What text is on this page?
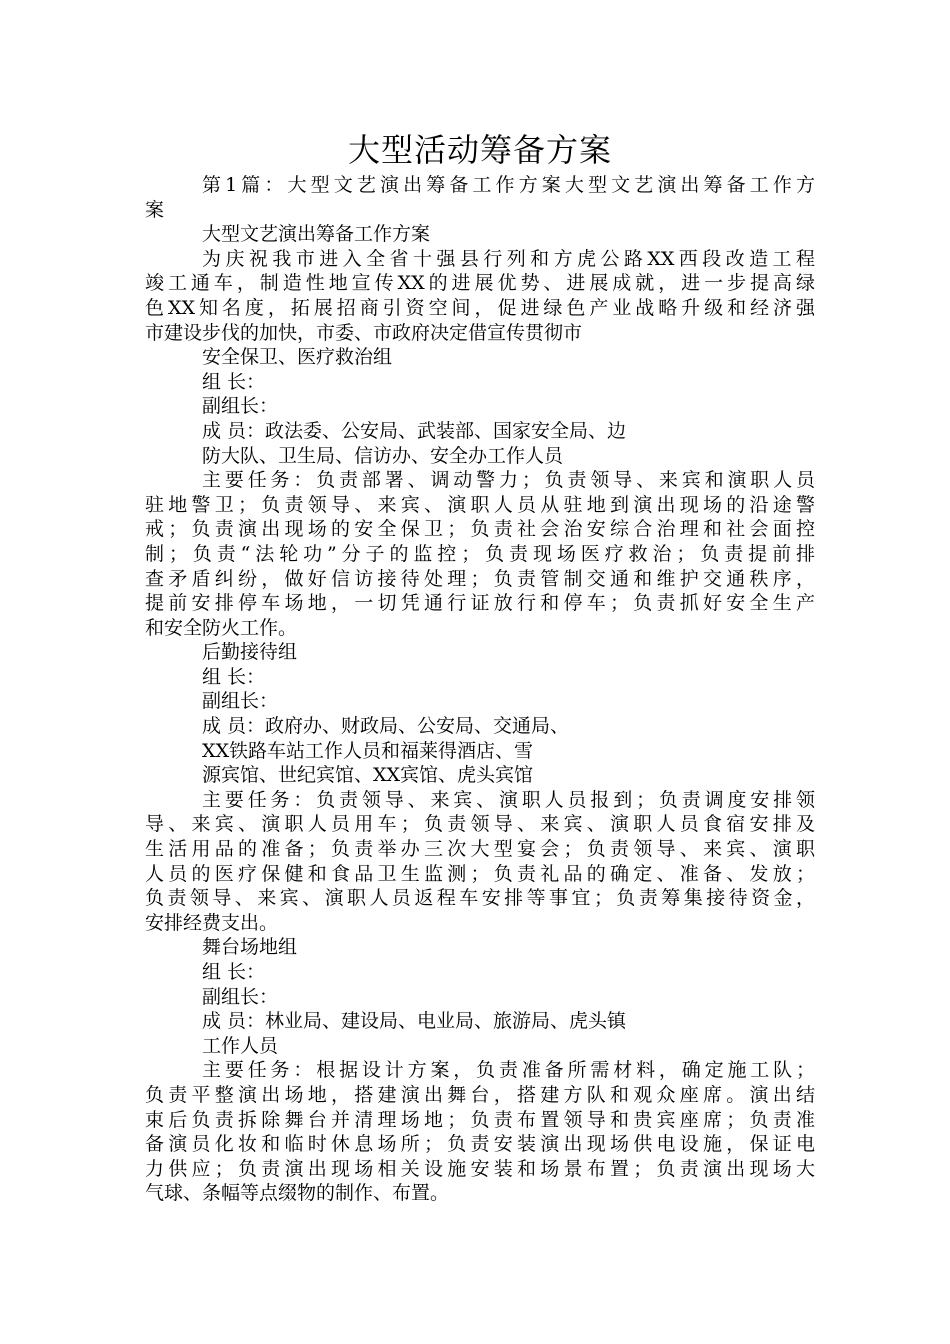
大型活动筹备方案
第1篇：大型文艺演出筹备工作方案大型文艺演出筹备工作方
案
大型文艺演出筹备工作方案
为庆祝我市进入全省十强县行列和方虎公路XX西段改造工程
竣工通车，制造性地宣传XX的进展优势、进展成就，进一步提高绿
色XX知名度，拓展招商引资空间，促进绿色产业战略升级和经济强
市建设步伐的加快，市委、市政府决定借宣传贯彻市
安全保卫、医疗救治组
组 长：
副组长：
成 员：政法委、公安局、武装部、国家安全局、边
防大队、卫生局、信访办、安全办工作人员
主要任务：负责部署、调动警力；负责领导、来宾和演职人员
驻地警卫；负责领导、来宾、演职人员从驻地到演出现场的沿途警
戒；负责演出现场的安全保卫；负责社会治安综合治理和社会面控
制；负责“法轮功”分子的监控；负责现场医疗救治；负责提前排
查矛盾纠纷，做好信访接待处理；负责管制交通和维护交通秩序，
提前安排停车场地，一切凭通行证放行和停车；负责抓好安全生产
和安全防火工作。
后勤接待组
组 长：
副组长：
成 员：政府办、财政局、公安局、交通局、
XX铁路车站工作人员和福莱得酒店、雪
源宾馆、世纪宾馆、XX宾馆、虎头宾馆
主要任务：负责领导、来宾、演职人员报到；负责调度安排领
导、来宾、演职人员用车；负责领导、来宾、演职人员食宿安排及
生活用品的准备；负责举办三次大型宴会；负责领导、来宾、演职
人员的医疗保健和食品卫生监测；负责礼品的确定、准备、发放；
负责领导、来宾、演职人员返程车安排等事宜；负责筹集接待资金，
安排经费支出。
舞台场地组
组 长：
副组长：
成 员：林业局、建设局、电业局、旅游局、虎头镇
工作人员
主要任务：根据设计方案，负责准备所需材料，确定施工队；
负责平整演出场地，搭建演出舞台，搭建方队和观众座席。演出结
束后负责拆除舞台并清理场地；负责布置领导和贵宾座席；负责准
备演员化妆和临时休息场所；负责安装演出现场供电设施，保证电
力供应；负责演出现场相关设施安装和场景布置；负责演出现场大
气球、条幅等点缀物的制作、布置。
